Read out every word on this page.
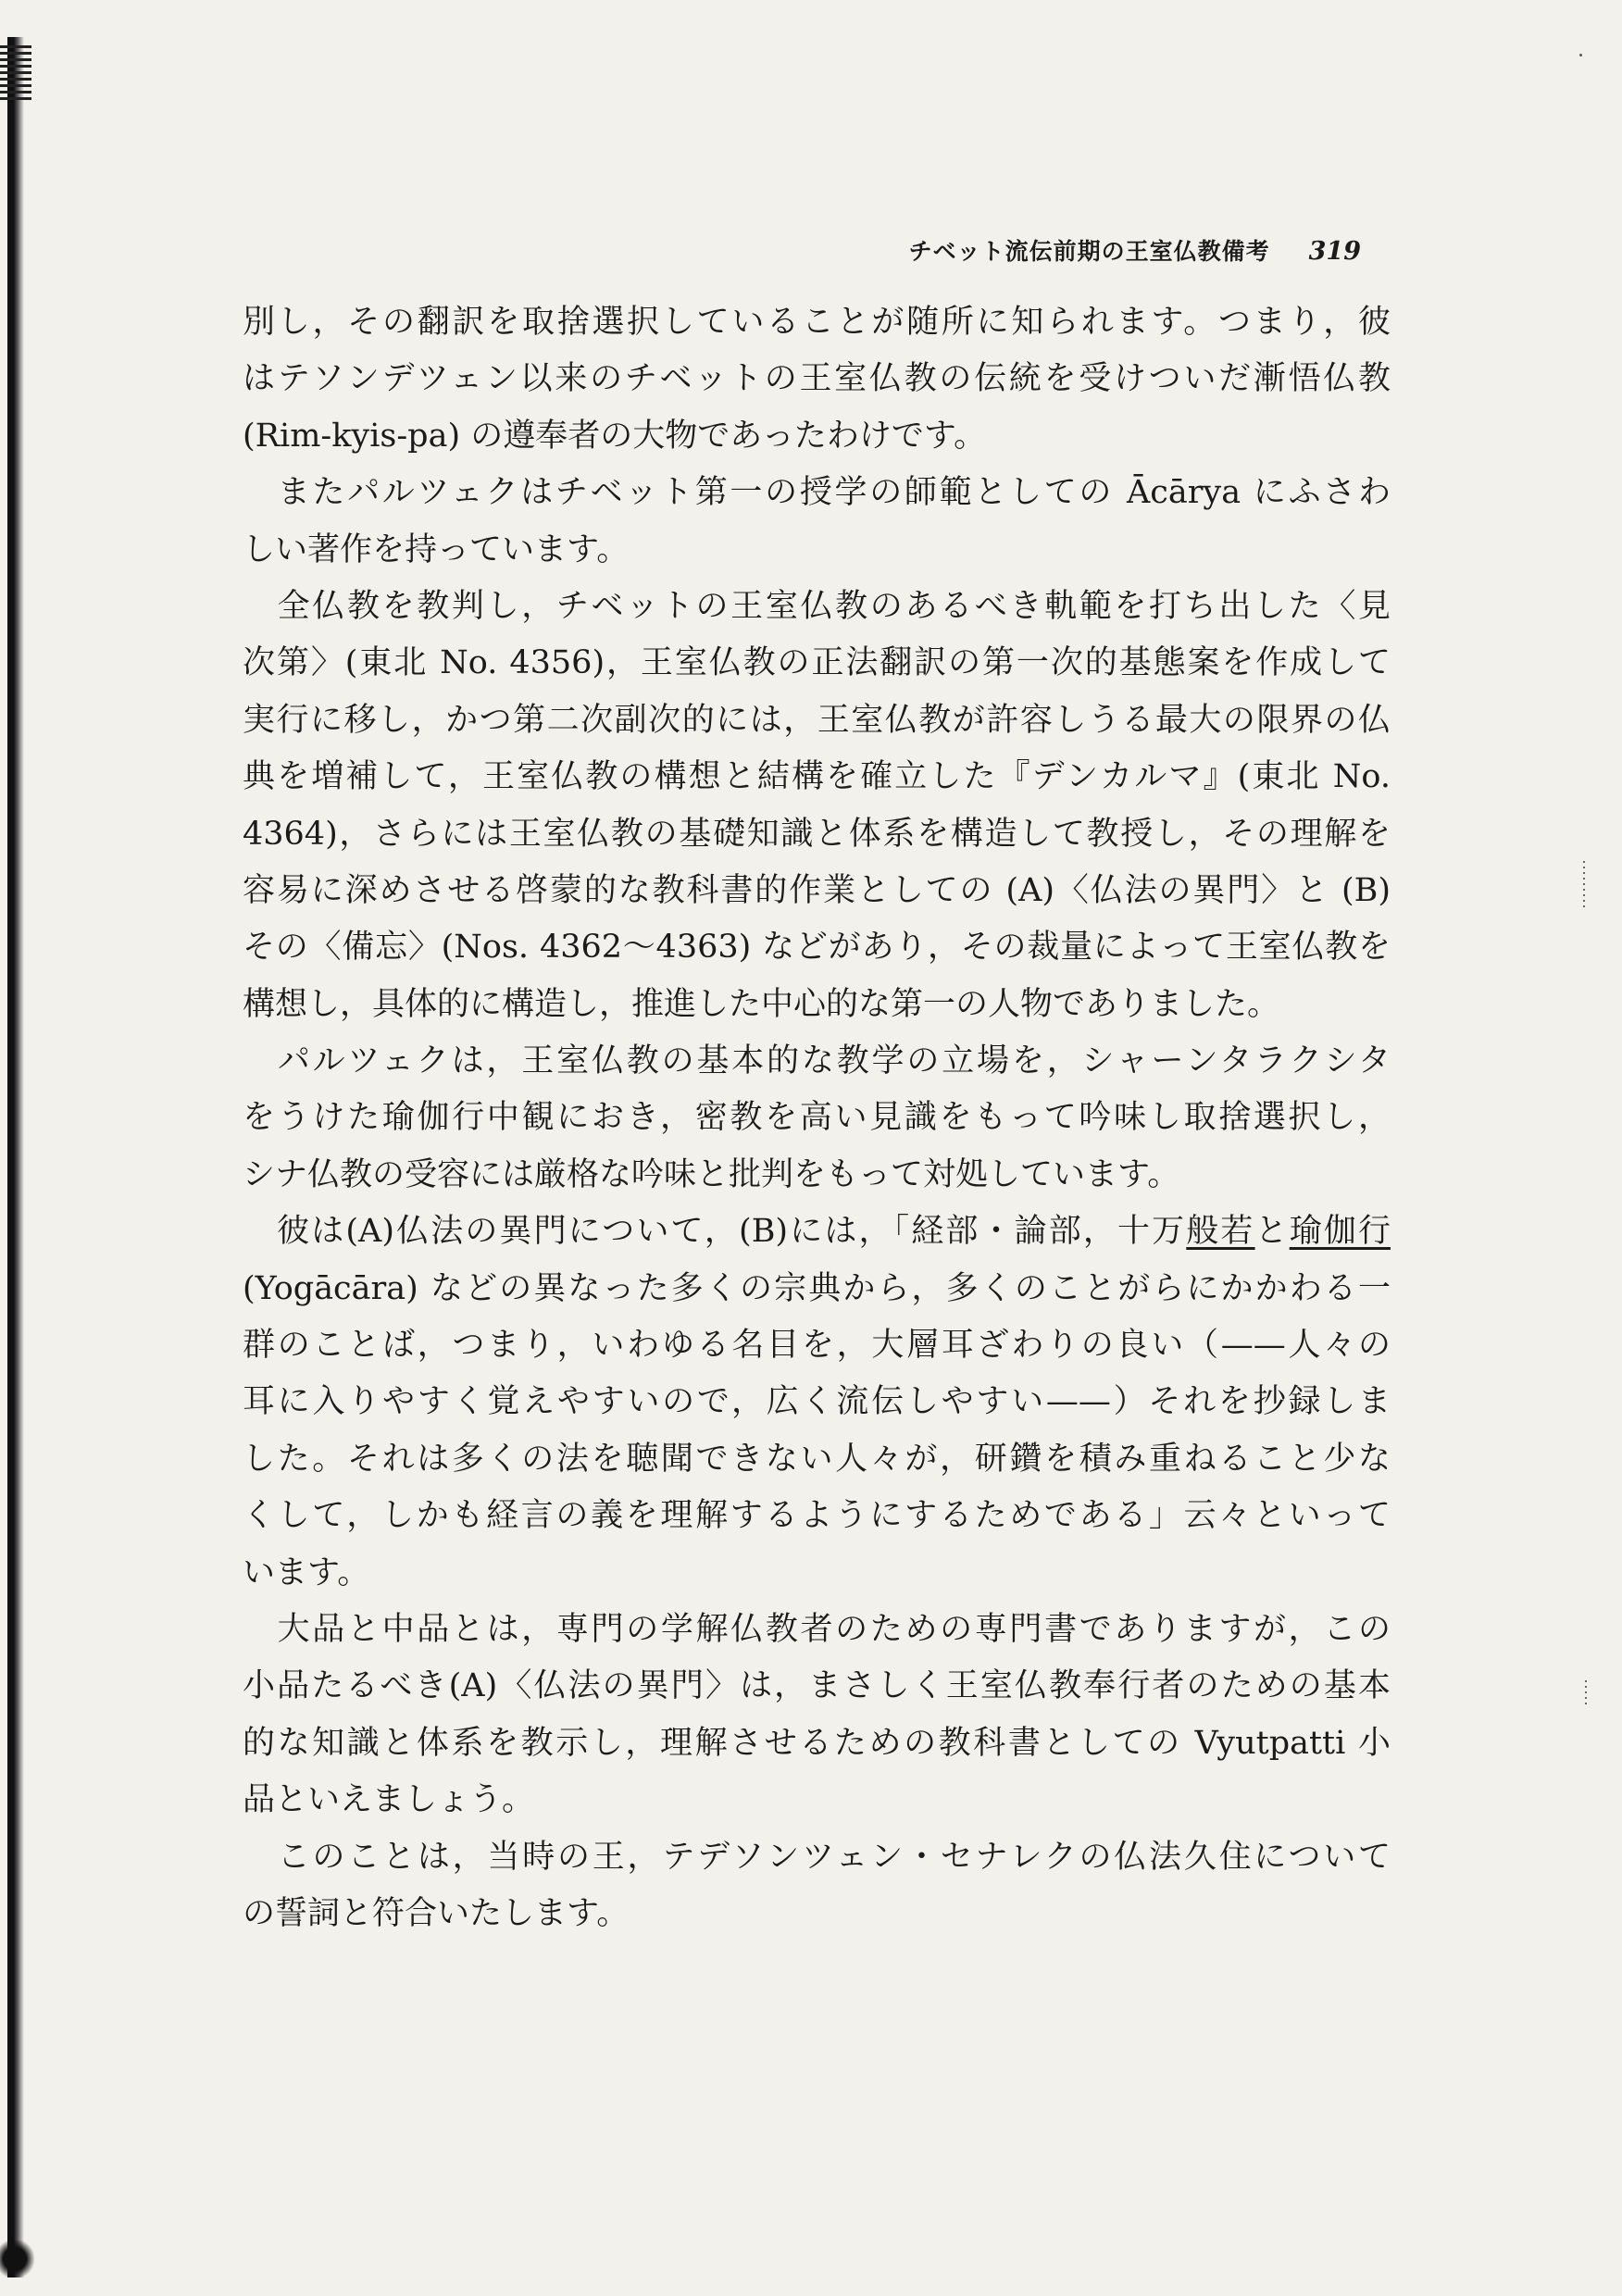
チベット流伝前期の王室仏教備考 319
別し，その翻訳を取捨選択していることが随所に知られます。つまり，彼
はテソンデツェン以来のチベットの王室仏教の伝統を受けついだ漸悟仏教
(Rim-kyis-pa) の遵奉者の大物であったわけです。
　またパルツェクはチベット第一の授学の師範としての Ācārya にふさわ
しい著作を持っています。
　全仏教を教判し，チベットの王室仏教のあるべき軌範を打ち出した〈見
次第〉(東北 No. 4356)，王室仏教の正法翻訳の第一次的基態案を作成して
実行に移し，かつ第二次副次的には，王室仏教が許容しうる最大の限界の仏
典を増補して，王室仏教の構想と結構を確立した『デンカルマ』(東北 No.
4364)，さらには王室仏教の基礎知識と体系を構造して教授し，その理解を
容易に深めさせる啓蒙的な教科書的作業としての (A)〈仏法の異門〉と (B)
その〈備忘〉(Nos. 4362〜4363) などがあり，その裁量によって王室仏教を
構想し，具体的に構造し，推進した中心的な第一の人物でありました。
　パルツェクは，王室仏教の基本的な教学の立場を，シャーンタラクシタ
をうけた瑜伽行中観におき，密教を高い見識をもって吟味し取捨選択し，
シナ仏教の受容には厳格な吟味と批判をもって対処しています。
　彼は(A)仏法の異門について，(B)には，「経部・論部，十万般若と瑜伽行
(Yogācāra) などの異なった多くの宗典から，多くのことがらにかかわる一
群のことば，つまり，いわゆる名目を，大層耳ざわりの良い（——人々の
耳に入りやすく覚えやすいので，広く流伝しやすい——）それを抄録しま
した。それは多くの法を聴聞できない人々が，研鑽を積み重ねること少な
くして，しかも経言の義を理解するようにするためである」云々といって
います。
　大品と中品とは，専門の学解仏教者のための専門書でありますが，この
小品たるべき(A)〈仏法の異門〉は，まさしく王室仏教奉行者のための基本
的な知識と体系を教示し，理解させるための教科書としての Vyutpatti 小
品といえましょう。
　このことは，当時の王，テデソンツェン・セナレクの仏法久住について
の誓詞と符合いたします。
